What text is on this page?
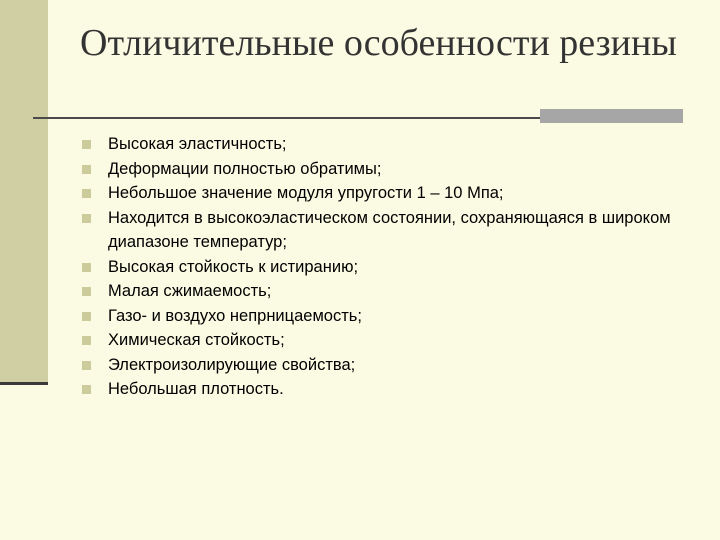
Отличительные особенности резины
Высокая эластичность;
Деформации полностью обратимы;
Небольшое значение модуля упругости 1 – 10 Мпа;
Находится в высокоэластическом состоянии, сохраняющаяся в широком диапазоне температур;
Высокая стойкость к истиранию;
Малая сжимаемость;
Газо- и воздухо непрницаемость;
Химическая стойкость;
Электроизолирующие свойства;
Небольшая плотность.
